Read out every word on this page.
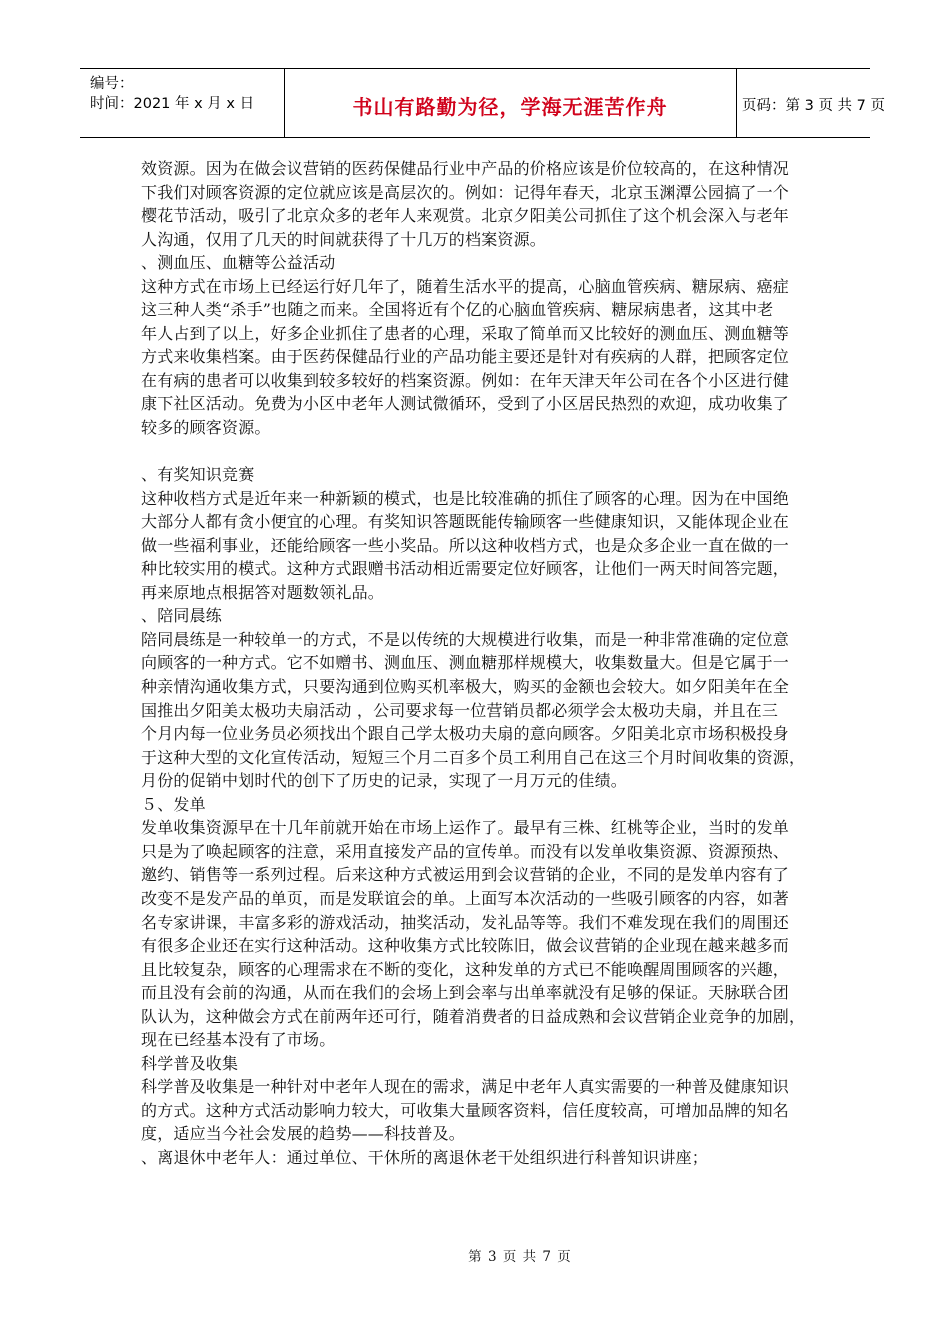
编号：
时间：2021 年 x 月 x 日	书山有路勤为径，学海无涯苦作舟	页码：第 3 页 共 7 页
效资源。因为在做会议营销的医药保健品行业中产品的价格应该是价位较高的，在这种情况
下我们对顾客资源的定位就应该是高层次的。例如：记得年春天，北京玉渊潭公园搞了一个
樱花节活动，吸引了北京众多的老年人来观赏。北京夕阳美公司抓住了这个机会深入与老年
人沟通，仅用了几天的时间就获得了十几万的档案资源。
、测血压、血糖等公益活动
这种方式在市场上已经运行好几年了，随着生活水平的提高，心脑血管疾病、糖尿病、癌症
这三种人类“杀手”也随之而来。全国将近有个亿的心脑血管疾病、糖尿病患者，这其中老
年人占到了以上，好多企业抓住了患者的心理，采取了简单而又比较好的测血压、测血糖等
方式来收集档案。由于医药保健品行业的产品功能主要还是针对有疾病的人群，把顾客定位
在有病的患者可以收集到较多较好的档案资源。例如：在年天津天年公司在各个小区进行健
康下社区活动。免费为小区中老年人测试微循环，受到了小区居民热烈的欢迎，成功收集了
较多的顾客资源。
、有奖知识竞赛
这种收档方式是近年来一种新颖的模式，也是比较准确的抓住了顾客的心理。因为在中国绝
大部分人都有贪小便宜的心理。有奖知识答题既能传输顾客一些健康知识，又能体现企业在
做一些福利事业，还能给顾客一些小奖品。所以这种收档方式，也是众多企业一直在做的一
种比较实用的模式。这种方式跟赠书活动相近需要定位好顾客，让他们一两天时间答完题，
再来原地点根据答对题数领礼品。
、陪同晨练
陪同晨练是一种较单一的方式，不是以传统的大规模进行收集，而是一种非常准确的定位意
向顾客的一种方式。它不如赠书、测血压、测血糖那样规模大，收集数量大。但是它属于一
种亲情沟通收集方式，只要沟通到位购买机率极大，购买的金额也会较大。如夕阳美年在全
国推出夕阳美太极功夫扇活动 ，公司要求每一位营销员都必须学会太极功夫扇，并且在三
个月内每一位业务员必须找出个跟自己学太极功夫扇的意向顾客。夕阳美北京市场积极投身
于这种大型的文化宣传活动，短短三个月二百多个员工利用自己在这三个月时间收集的资源，
月份的促销中划时代的创下了历史的记录，实现了一月万元的佳绩。
５、发单
发单收集资源早在十几年前就开始在市场上运作了。最早有三株、红桃等企业，当时的发单
只是为了唤起顾客的注意，采用直接发产品的宣传单。而没有以发单收集资源、资源预热、
邀约、销售等一系列过程。后来这种方式被运用到会议营销的企业，不同的是发单内容有了
改变不是发产品的单页，而是发联谊会的单。上面写本次活动的一些吸引顾客的内容，如著
名专家讲课，丰富多彩的游戏活动，抽奖活动，发礼品等等。我们不难发现在我们的周围还
有很多企业还在实行这种活动。这种收集方式比较陈旧，做会议营销的企业现在越来越多而
且比较复杂，顾客的心理需求在不断的变化，这种发单的方式已不能唤醒周围顾客的兴趣，
而且没有会前的沟通，从而在我们的会场上到会率与出单率就没有足够的保证。天脉联合团
队认为，这种做会方式在前两年还可行，随着消费者的日益成熟和会议营销企业竞争的加剧，
现在已经基本没有了市场。
科学普及收集
科学普及收集是一种针对中老年人现在的需求，满足中老年人真实需要的一种普及健康知识
的方式。这种方式活动影响力较大，可收集大量顾客资料，信任度较高，可增加品牌的知名
度，适应当今社会发展的趋势——科技普及。
、离退休中老年人：通过单位、干休所的离退休老干处组织进行科普知识讲座；
第 3 页 共 7 页
